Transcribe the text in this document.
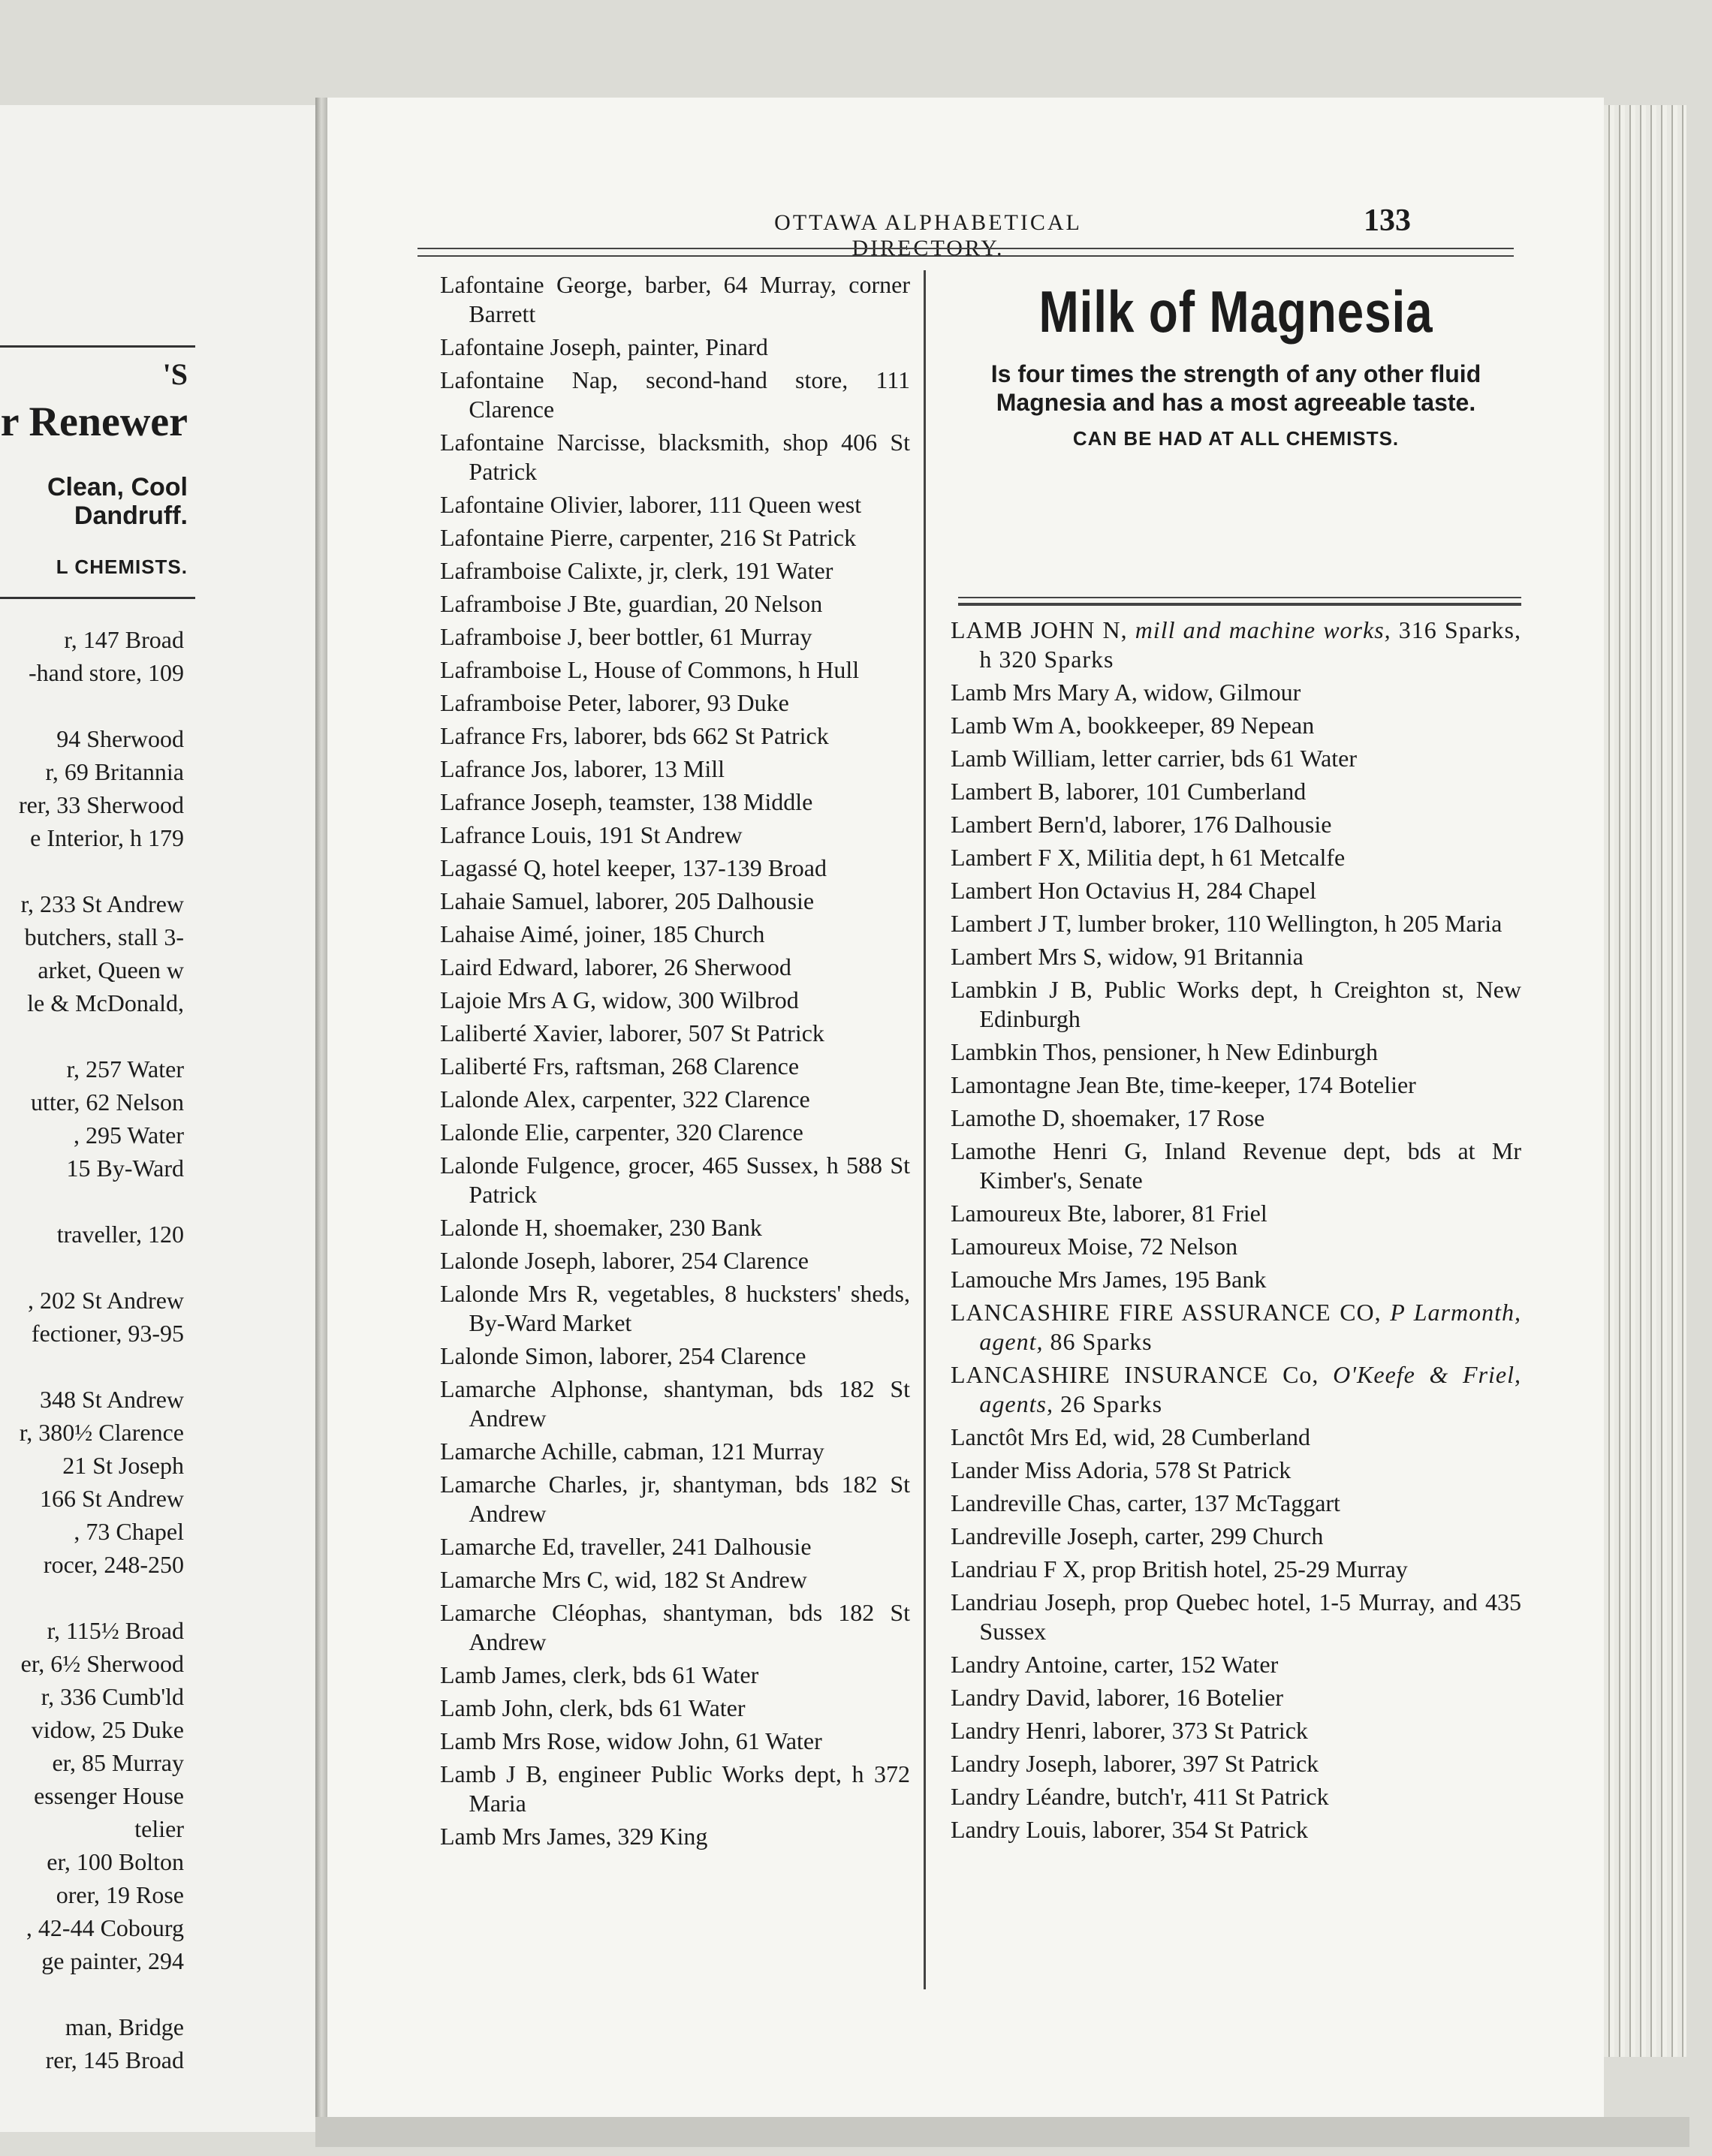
'S
r Renewer
Clean, Cool
Dandruff.
L CHEMISTS.
r, 147 Broad
-hand store, 109
94 Sherwood
r, 69 Britannia
rer, 33 Sherwood
e Interior, h 179
r, 233 St Andrew
butchers, stall 3-
arket, Queen w
le & McDonald,
r, 257 Water
utter, 62 Nelson
, 295 Water
15 By-Ward
traveller, 120
, 202 St Andrew
fectioner, 93-95
348 St Andrew
r, 380½ Clarence
21 St Joseph
166 St Andrew
, 73 Chapel
rocer, 248-250
r, 115½ Broad
er, 6½ Sherwood
r, 336 Cumb'ld
vidow, 25 Duke
er, 85 Murray
essenger House
telier
er, 100 Bolton
orer, 19 Rose
, 42-44 Cobourg
ge painter, 294
man, Bridge
rer, 145 Broad
OTTAWA ALPHABETICAL DIRECTORY.
133
Lafontaine George, barber, 64 Murray, corner Barrett
Lafontaine Joseph, painter, Pinard
Lafontaine Nap, second-hand store, 111 Clarence
Lafontaine Narcisse, blacksmith, shop 406 St Patrick
Lafontaine Olivier, laborer, 111 Queen west
Lafontaine Pierre, carpenter, 216 St Patrick
Laframboise Calixte, jr, clerk, 191 Water
Laframboise J Bte, guardian, 20 Nelson
Laframboise J, beer bottler, 61 Murray
Laframboise L, House of Commons, h Hull
Laframboise Peter, laborer, 93 Duke
Lafrance Frs, laborer, bds 662 St Patrick
Lafrance Jos, laborer, 13 Mill
Lafrance Joseph, teamster, 138 Middle
Lafrance Louis, 191 St Andrew
Lagassé Q, hotel keeper, 137-139 Broad
Lahaie Samuel, laborer, 205 Dalhousie
Lahaise Aimé, joiner, 185 Church
Laird Edward, laborer, 26 Sherwood
Lajoie Mrs A G, widow, 300 Wilbrod
Laliberté Xavier, laborer, 507 St Patrick
Laliberté Frs, raftsman, 268 Clarence
Lalonde Alex, carpenter, 322 Clarence
Lalonde Elie, carpenter, 320 Clarence
Lalonde Fulgence, grocer, 465 Sussex, h 588 St Patrick
Lalonde H, shoemaker, 230 Bank
Lalonde Joseph, laborer, 254 Clarence
Lalonde Mrs R, vegetables, 8 hucksters' sheds, By-Ward Market
Lalonde Simon, laborer, 254 Clarence
Lamarche Alphonse, shantyman, bds 182 St Andrew
Lamarche Achille, cabman, 121 Murray
Lamarche Charles, jr, shantyman, bds 182 St Andrew
Lamarche Ed, traveller, 241 Dalhousie
Lamarche Mrs C, wid, 182 St Andrew
Lamarche Cléophas, shantyman, bds 182 St Andrew
Lamb James, clerk, bds 61 Water
Lamb John, clerk, bds 61 Water
Lamb Mrs Rose, widow John, 61 Water
Lamb J B, engineer Public Works dept, h 372 Maria
Lamb Mrs James, 329 King
Milk of Magnesia
Is four times the strength of any other fluid Magnesia and has a most agreeable taste.
CAN BE HAD AT ALL CHEMISTS.
LAMB JOHN N, mill and machine works, 316 Sparks, h 320 Sparks
Lamb Mrs Mary A, widow, Gilmour
Lamb Wm A, bookkeeper, 89 Nepean
Lamb William, letter carrier, bds 61 Water
Lambert B, laborer, 101 Cumberland
Lambert Bern'd, laborer, 176 Dalhousie
Lambert F X, Militia dept, h 61 Metcalfe
Lambert Hon Octavius H, 284 Chapel
Lambert J T, lumber broker, 110 Wellington, h 205 Maria
Lambert Mrs S, widow, 91 Britannia
Lambkin J B, Public Works dept, h Creighton st, New Edinburgh
Lambkin Thos, pensioner, h New Edinburgh
Lamontagne Jean Bte, time-keeper, 174 Botelier
Lamothe D, shoemaker, 17 Rose
Lamothe Henri G, Inland Revenue dept, bds at Mr Kimber's, Senate
Lamoureux Bte, laborer, 81 Friel
Lamoureux Moise, 72 Nelson
Lamouche Mrs James, 195 Bank
LANCASHIRE FIRE ASSURANCE CO, P Larmonth, agent, 86 Sparks
LANCASHIRE INSURANCE Co, O'Keefe & Friel, agents, 26 Sparks
Lanctôt Mrs Ed, wid, 28 Cumberland
Lander Miss Adoria, 578 St Patrick
Landreville Chas, carter, 137 McTaggart
Landreville Joseph, carter, 299 Church
Landriau F X, prop British hotel, 25-29 Murray
Landriau Joseph, prop Quebec hotel, 1-5 Murray, and 435 Sussex
Landry Antoine, carter, 152 Water
Landry David, laborer, 16 Botelier
Landry Henri, laborer, 373 St Patrick
Landry Joseph, laborer, 397 St Patrick
Landry Léandre, butch'r, 411 St Patrick
Landry Louis, laborer, 354 St Patrick
